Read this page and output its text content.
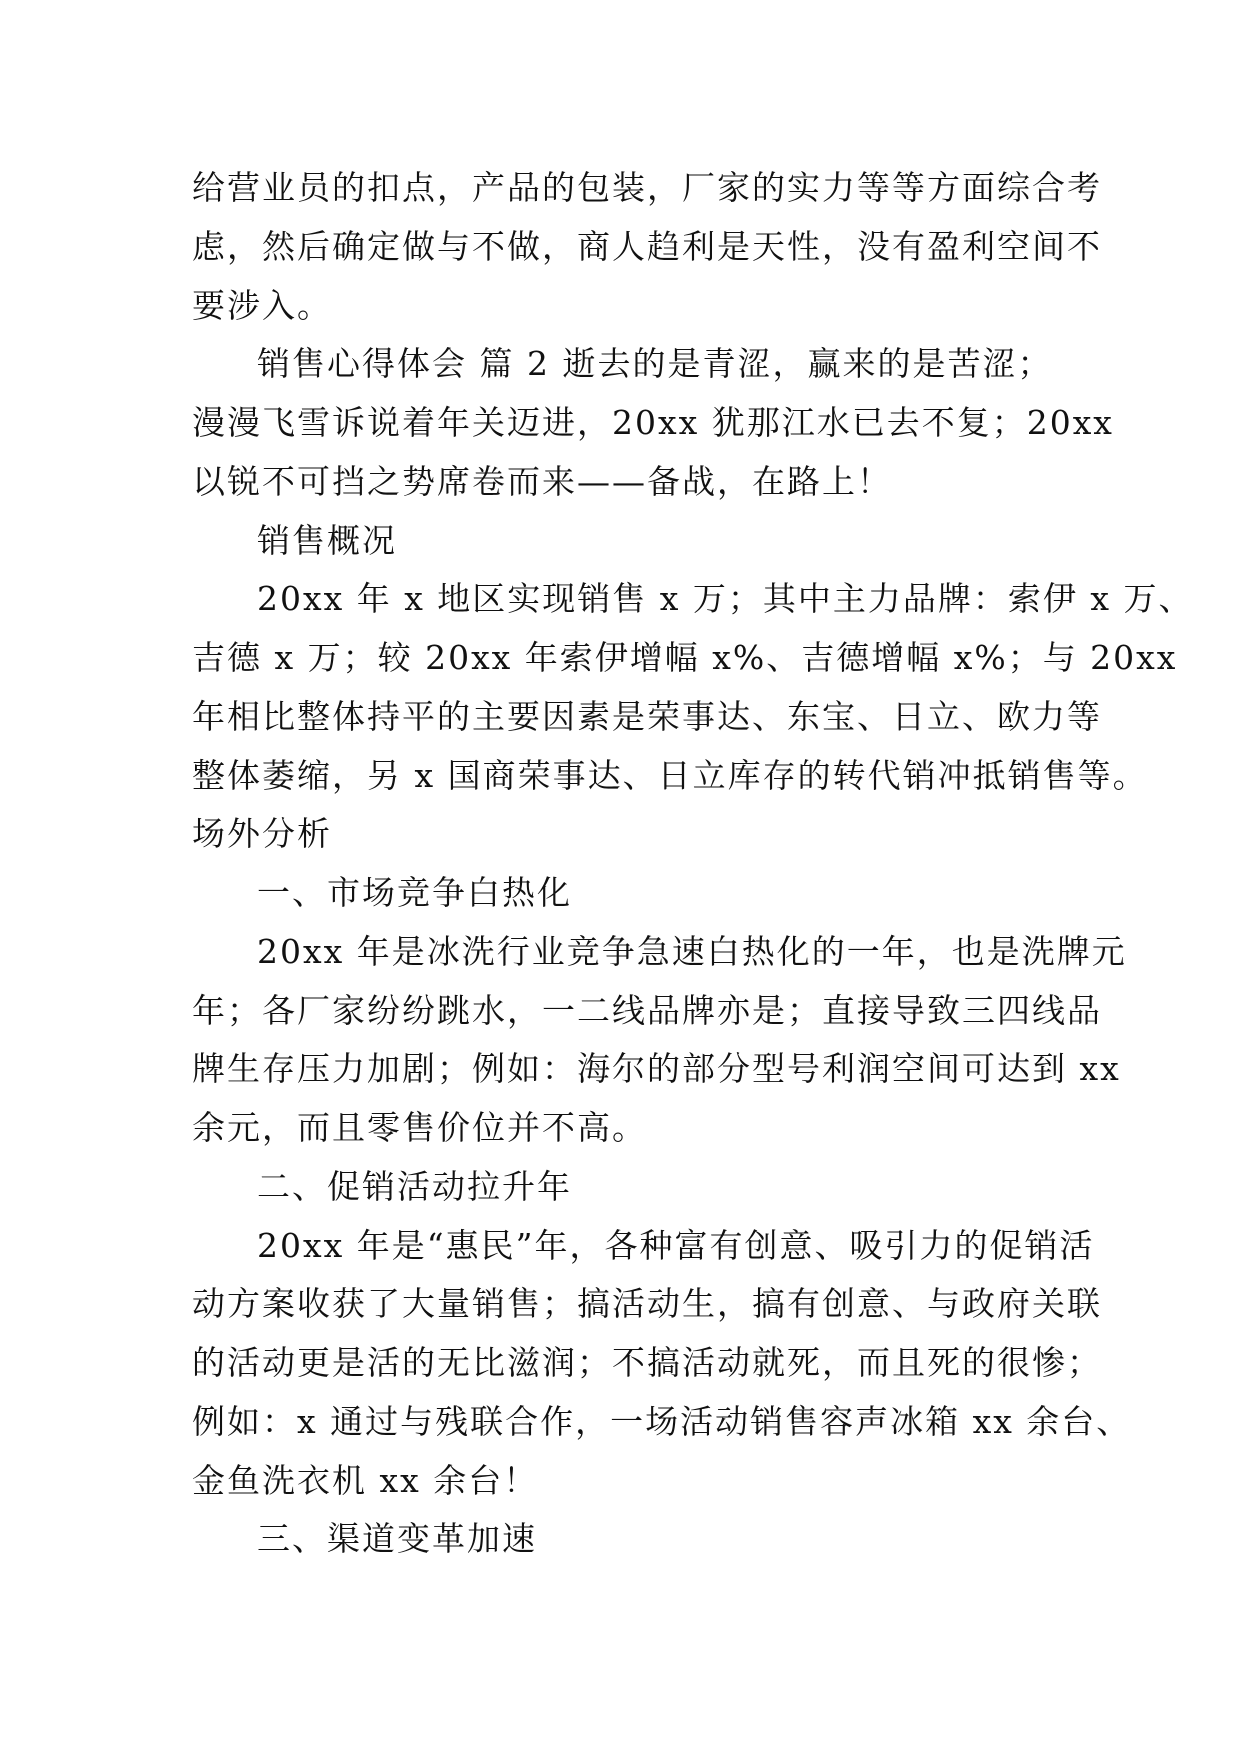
给营业员的扣点，产品的包装，厂家的实力等等方面综合考
虑，然后确定做与不做，商人趋利是天性，没有盈利空间不
要涉入。
销售心得体会 篇 2 逝去的是青涩，赢来的是苦涩；
漫漫飞雪诉说着年关迈进，20xx 犹那江水已去不复；20xx
以锐不可挡之势席卷而来——备战，在路上！
销售概况
20xx 年 x 地区实现销售 x 万；其中主力品牌：索伊 x 万、
吉德 x 万；较 20xx 年索伊增幅 x%、吉德增幅 x%；与 20xx
年相比整体持平的主要因素是荣事达、东宝、日立、欧力等
整体萎缩，另 x 国商荣事达、日立库存的转代销冲抵销售等。
场外分析
一、市场竞争白热化
20xx 年是冰洗行业竞争急速白热化的一年，也是洗牌元
年；各厂家纷纷跳水，一二线品牌亦是；直接导致三四线品
牌生存压力加剧；例如：海尔的部分型号利润空间可达到 xx
余元，而且零售价位并不高。
二、促销活动拉升年
20xx 年是“惠民”年，各种富有创意、吸引力的促销活
动方案收获了大量销售；搞活动生，搞有创意、与政府关联
的活动更是活的无比滋润；不搞活动就死，而且死的很惨；
例如：x 通过与残联合作，一场活动销售容声冰箱 xx 余台、
金鱼洗衣机 xx 余台！
三、渠道变革加速
